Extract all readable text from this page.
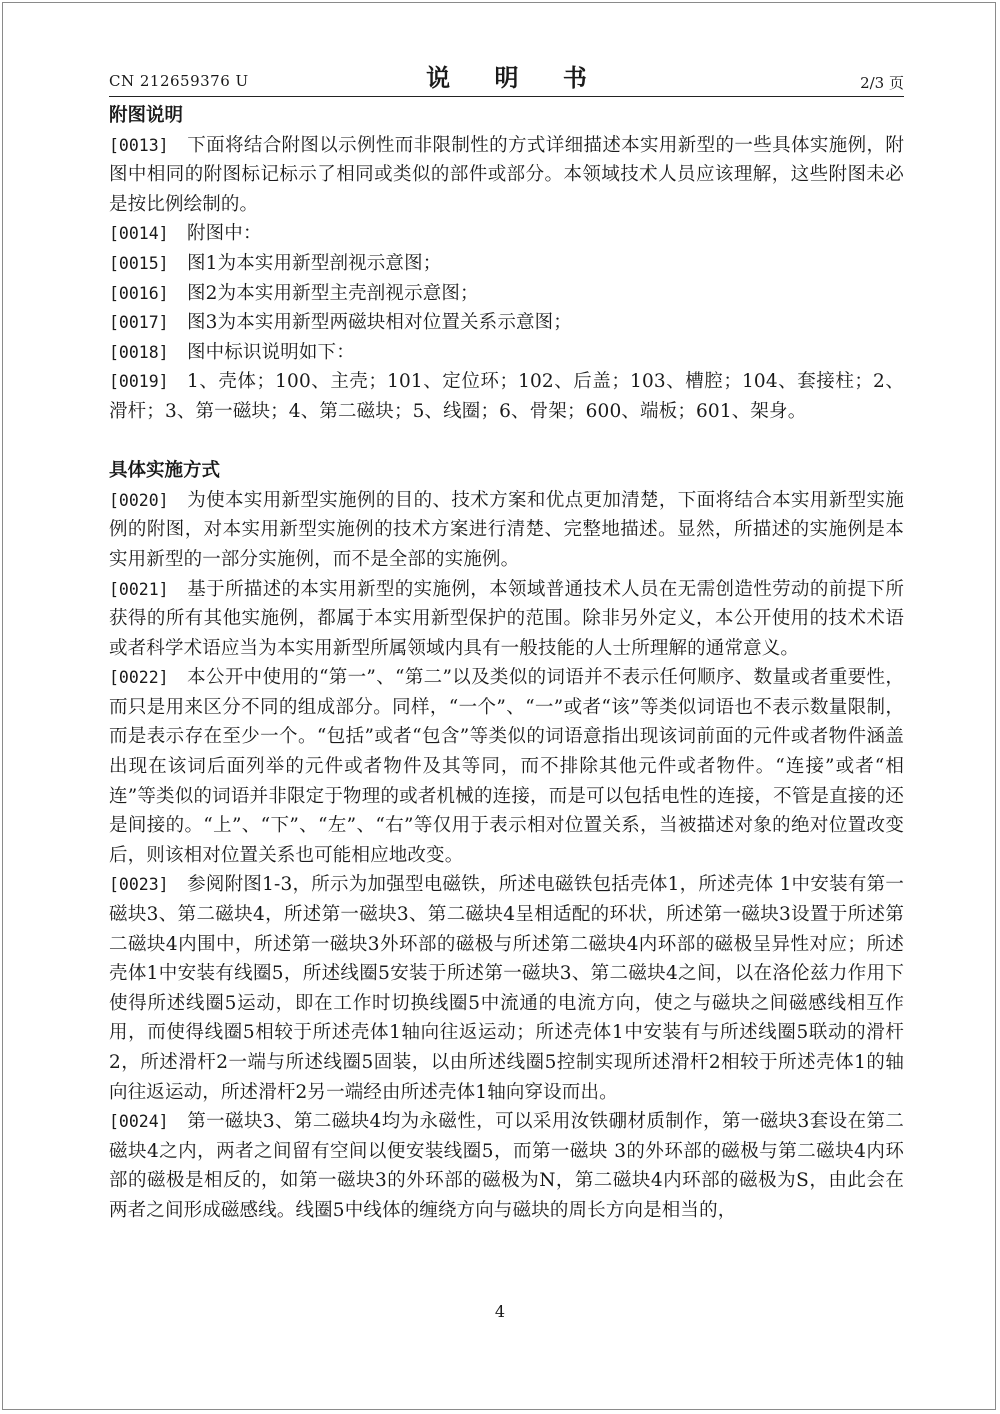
CN 212659376 U	说 明 书	2/3 页
附图说明

[0013] 下面将结合附图以示例性而非限制性的方式详细描述本实用新型的一些具体实施例，附图中相同的附图标记标示了相同或类似的部件或部分。本领域技术人员应该理解，这些附图未必是按比例绘制的。

[0014] 附图中：

[0015] 图1为本实用新型剖视示意图；

[0016] 图2为本实用新型主壳剖视示意图；

[0017] 图3为本实用新型两磁块相对位置关系示意图；

[0018] 图中标识说明如下：

[0019] 1、壳体；100、主壳；101、定位环；102、后盖；103、槽腔；104、套接柱；2、滑杆；3、第一磁块；4、第二磁块；5、线圈；6、骨架；600、端板；601、架身。

具体实施方式

[0020] 为使本实用新型实施例的目的、技术方案和优点更加清楚，下面将结合本实用新型实施例的附图，对本实用新型实施例的技术方案进行清楚、完整地描述。显然，所描述的实施例是本实用新型的一部分实施例，而不是全部的实施例。

[0021] 基于所描述的本实用新型的实施例，本领域普通技术人员在无需创造性劳动的前提下所获得的所有其他实施例，都属于本实用新型保护的范围。除非另外定义，本公开使用的技术术语或者科学术语应当为本实用新型所属领域内具有一般技能的人士所理解的通常意义。

[0022] 本公开中使用的“第一”、“第二”以及类似的词语并不表示任何顺序、数量或者重要性，而只是用来区分不同的组成部分。同样，“一个”、“一”或者“该”等类似词语也不表示数量限制，而是表示存在至少一个。“包括”或者“包含”等类似的词语意指出现该词前面的元件或者物件涵盖出现在该词后面列举的元件或者物件及其等同，而不排除其他元件或者物件。“连接”或者“相连”等类似的词语并非限定于物理的或者机械的连接，而是可以包括电性的连接，不管是直接的还是间接的。“上”、“下”、“左”、“右”等仅用于表示相对位置关系，当被描述对象的绝对位置改变后，则该相对位置关系也可能相应地改变。

[0023] 参阅附图1-3，所示为加强型电磁铁，所述电磁铁包括壳体1，所述壳体 1中安装有第一磁块3、第二磁块4，所述第一磁块3、第二磁块4呈相适配的环状，所述第一磁块3设置于所述第二磁块4内围中，所述第一磁块3外环部的磁极与所述第二磁块4内环部的磁极呈异性对应；所述壳体1中安装有线圈5，所述线圈5安装于所述第一磁块3、第二磁块4之间，以在洛伦兹力作用下使得所述线圈5运动，即在工作时切换线圈5中流通的电流方向，使之与磁块之间磁感线相互作用，而使得线圈5相较于所述壳体1轴向往返运动；所述壳体1中安装有与所述线圈5联动的滑杆2，所述滑杆2一端与所述线圈5固装，以由所述线圈5控制实现所述滑杆2相较于所述壳体1的轴向往返运动，所述滑杆2另一端经由所述壳体1轴向穿设而出。

[0024] 第一磁块3、第二磁块4均为永磁性，可以采用汝铁硼材质制作，第一磁块3套设在第二磁块4之内，两者之间留有空间以便安装线圈5，而第一磁块 3的外环部的磁极与第二磁块4内环部的磁极是相反的，如第一磁块3的外环部的磁极为N，第二磁块4内环部的磁极为S，由此会在两者之间形成磁感线。线圈5中线体的缠绕方向与磁块的周长方向是相当的，

4
